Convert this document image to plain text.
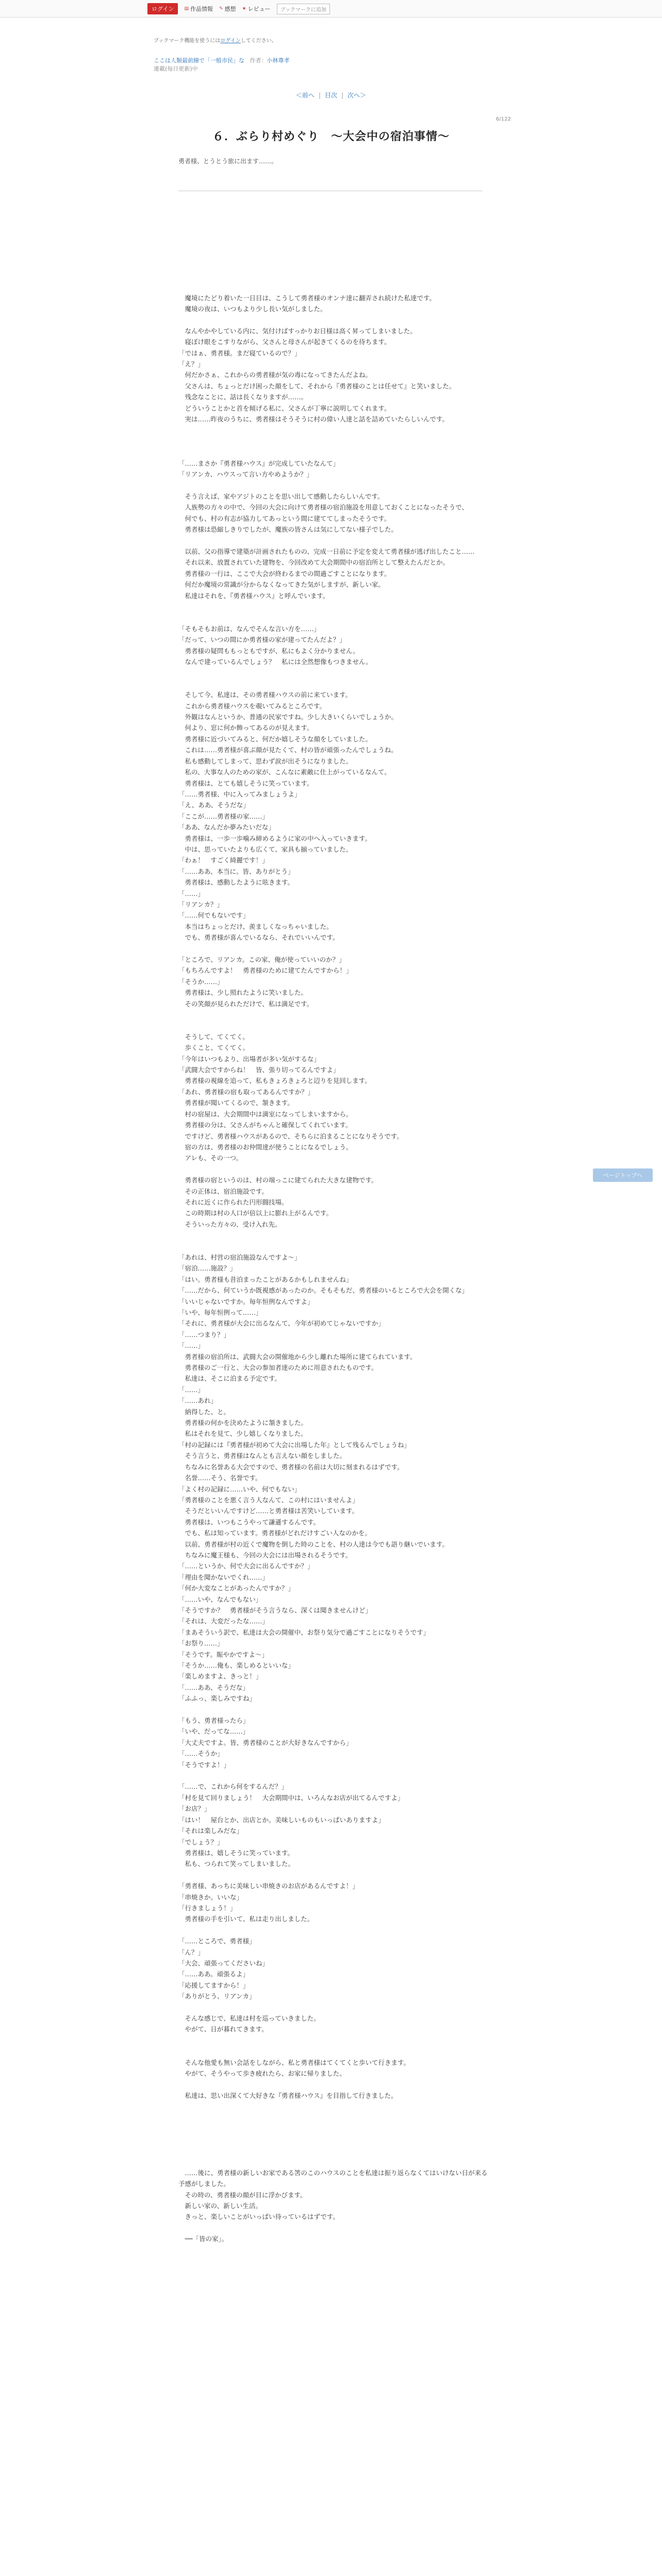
ログイン	▤ 作品情報 ✎ 感想 ★ レビュー	ブックマークに追加
ブックマーク機能を使うにはログインしてください。
ここは人類最前線で「一般市民」な 作者：小林尊孝
連載(毎日更新)中
＜前へ | 目次 | 次へ＞
6/122
６．ぶらり村めぐり　～大会中の宿泊事情～
勇者様、とうとう旅に出ます……。

　魔境にたどり着いた一日目は、こうして勇者様のオンナ達に翻弄され続けた私達です。
　魔境の夜は、いつもより少し長い気がしました。

　なんやかやしている内に、気付けばすっかりお日様は高く昇ってしまいました。
　寝ぼけ眼をこすりながら、父さんと母さんが起きてくるのを待ちます。
「ではぁ、勇者様。まだ寝ているので？」
「え？」
　何だかさぁ、これからの勇者様が気の毒になってきたんだよね。
　父さんは、ちょっとだけ困った顔をして、それから『勇者様のことは任せて』と笑いました。
　残念なことに、話は長くなりますが……。
　どういうことかと首を傾げる私に、父さんが丁寧に説明してくれます。
　実は……昨夜のうちに、勇者様はそうそうに村の偉い人達と話を詰めていたらしいんです。

「……まさか『勇者様ハウス』が完成していたなんて」
「リアンカ、ハウスって言い方やめようか？」

　そう言えば、家やアジトのことを思い出して感動したらしいんです。
　人族勢の方々の中で、今回の大会に向けて勇者様の宿泊施設を用意しておくことになったそうで、
　何でも、村の有志が協力してあっという間に建ててしまったそうです。
　勇者様は恐縮しきりでしたが、魔族の皆さんは気にしてない様子でした。

　以前、父の指導で建築が計画されたものの、完成一日前に予定を変えて勇者様が逃げ出したこと……
　それ以来、放置されていた建物を、今回改めて大会期間中の宿泊所として整えたんだとか。
　勇者様の一行は、ここで大会が終わるまでの間過ごすことになります。
　何だか魔境の常識が分からなくなってきた気がしますが、新しい家。
　私達はそれを、『勇者様ハウス』と呼んでいます。

「そもそもお前は、なんでそんな言い方を……」
「だって、いつの間にか勇者様の家が建ってたんだよ？」
　勇者様の疑問ももっともですが、私にもよく分かりません。
　なんで建っているんでしょう？　私には全然想像もつきません。

　そして今、私達は、その勇者様ハウスの前に来ています。
　これから勇者様ハウスを覗いてみるところです。
　外観はなんというか、普通の民家ですね。少し大きいくらいでしょうか。
　何より、窓に何か飾ってあるのが見えます。
　勇者様に近づいてみると、何だか嬉しそうな顔をしていました。
　これは……勇者様が喜ぶ顔が見たくて、村の皆が頑張ったんでしょうね。
　私も感動してしまって、思わず涙が出そうになりました。
　私の、大事な人のための家が、こんなに素敵に仕上がっているなんて。
　勇者様は、とても嬉しそうに笑っています。
「……勇者様、中に入ってみましょうよ」
「え、ああ、そうだな」
「ここが……勇者様の家……」
「ああ、なんだか夢みたいだな」
　勇者様は、一歩一歩噛み締めるように家の中へ入っていきます。
　中は、思っていたよりも広くて、家具も揃っていました。
「わぁ！　すごく綺麗です！」
「……ああ、本当に。皆、ありがとう」
　勇者様は、感動したように呟きます。
「……」
「リアンカ？」
「……何でもないです」
　本当はちょっとだけ、羨ましくなっちゃいました。
　でも、勇者様が喜んでいるなら、それでいいんです。

「ところで、リアンカ。この家、俺が使っていいのか？」
「もちろんですよ！　勇者様のために建てたんですから！」
「そうか……」
　勇者様は、少し照れたように笑いました。
　その笑顔が見られただけで、私は満足です。

　そうして、てくてく。
　歩くこと、てくてく。
「今年はいつもより、出場者が多い気がするな」
「武闘大会ですからね！　皆、張り切ってるんですよ」
　勇者様の視線を追って、私もきょろきょろと辺りを見回します。
「あれ、勇者様の宿も取ってあるんですか？」
　勇者様が聞いてくるので、頷きます。
　村の宿屋は、大会期間中は満室になってしまいますから。
　勇者様の分は、父さんがちゃんと確保してくれています。
　ですけど、勇者様ハウスがあるので、そちらに泊まることになりそうです。
　宿の方は、勇者様のお仲間達が使うことになるでしょう。
　アレも、その一つ。

　勇者様の宿というのは、村の端っこに建てられた大きな建物です。
　その正体は、宿泊施設です。
　それに近くに作られた円形闘技場。
　この時期は村の人口が倍以上に膨れ上がるんです。
　そういった方々の、受け入れ先。

「あれは、村営の宿泊施設なんですよ～」
「宿泊……施設？」
「はい。勇者様も昔泊まったことがあるかもしれませんね」
「……だから、何ていうか既視感があったのか。そもそもだ、勇者様のいるところで大会を開くな」
「いいじゃないですか。毎年恒例なんですよ」
「いや、毎年恒例って……」
「それに、勇者様が大会に出るなんて、今年が初めてじゃないですか」
「……つまり？」
「……」
　勇者様の宿泊所は、武闘大会の開催地から少し離れた場所に建てられています。
　勇者様のご一行と、大会の参加者達のために用意されたものです。
　私達は、そこに泊まる予定です。
「……」
「……あれ」
　納得した、と。
　勇者様の何かを決めたように頷きました。
　私はそれを見て、少し嬉しくなりました。
「村の記録には『勇者様が初めて大会に出場した年』として残るんでしょうね」
　そう言うと、勇者様はなんとも言えない顔をしました。
　ちなみに名誉ある大会ですので、勇者様の名前は大切に刻まれるはずです。
　名誉……そう、名誉です。
「よく村の記録に……いや、何でもない」
「勇者様のことを悪く言う人なんて、この村にはいませんよ」
　そうだといいんですけど……と勇者様は苦笑いしています。
　勇者様は、いつもこうやって謙遜するんです。
　でも、私は知っています。勇者様がどれだけすごい人なのかを。
　以前、勇者様が村の近くで魔物を倒した時のことを、村の人達は今でも語り継いでいます。
　ちなみに魔王様も、今回の大会には出場されるそうです。
「……というか、何で大会に出るんですか？」
「理由を聞かないでくれ……」
「何か大変なことがあったんですか？」
「……いや、なんでもない」
「そうですか？　勇者様がそう言うなら、深くは聞きませんけど」
「それは、大変だったな……」
「まあそういう訳で、私達は大会の開催中、お祭り気分で過ごすことになりそうです」
「お祭り……」
「そうです。賑やかですよ～」
「そうか……俺も、楽しめるといいな」
「楽しめますよ、きっと！」
「……ああ、そうだな」
「ふふっ、楽しみですね」

「もう、勇者様ったら」
「いや、だってな……」
「大丈夫ですよ。皆、勇者様のことが大好きなんですから」
「……そうか」
「そうですよ！」

「……で、これから何をするんだ？」
「村を見て回りましょう！　大会期間中は、いろんなお店が出てるんですよ」
「お店？」
「はい！　屋台とか、出店とか。美味しいものもいっぱいありますよ」
「それは楽しみだな」
「でしょう？」
　勇者様は、嬉しそうに笑っています。
　私も、つられて笑ってしまいました。

「勇者様、あっちに美味しい串焼きのお店があるんですよ！」
「串焼きか。いいな」
「行きましょう！」
　勇者様の手を引いて、私は走り出しました。

「……ところで、勇者様」
「ん？」
「大会、頑張ってくださいね」
「……ああ。頑張るよ」
「応援してますから！」
「ありがとう、リアンカ」

　そんな感じで、私達は村を巡っていきました。
　やがて、日が暮れてきます。

　そんな他愛も無い会話をしながら、私と勇者様はてくてくと歩いて行きます。
　やがて、そうやって歩き疲れたら、お家に帰りました。

　私達は、思い出深くて大好きな『勇者様ハウス』を目指して行きました。

　……後に、勇者様の新しいお家である筈のこのハウスのことを私達は振り返らなくてはいけない日が来る予感がしました。
　その時の、勇者様の顔が目に浮かびます。
　新しい家の、新しい生活。
　きっと、楽しいことがいっぱい待っているはずです。

　──「皆の家」。
ページトップへ
